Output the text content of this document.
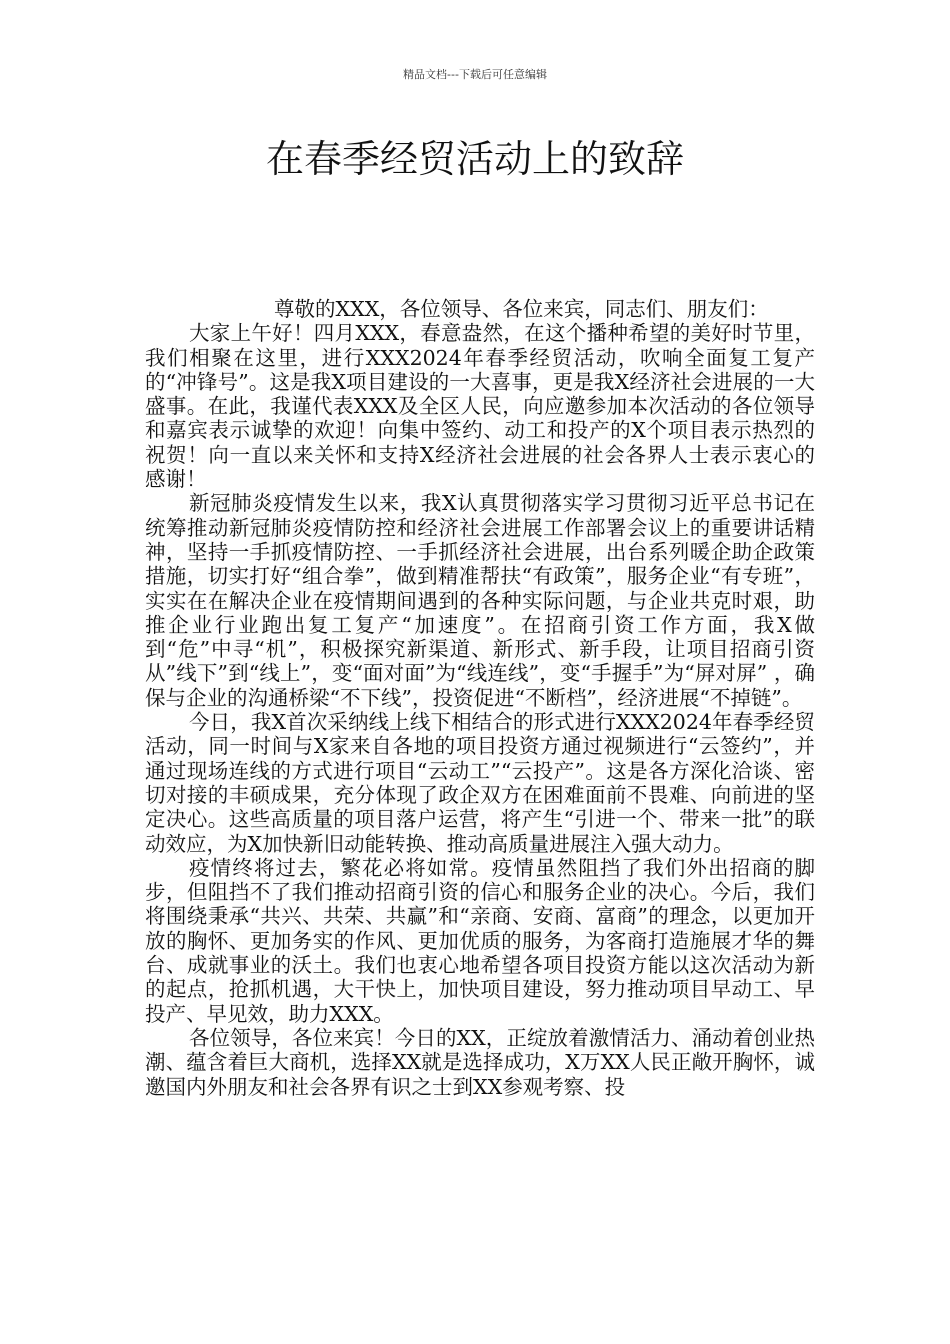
精品文档---下载后可任意编辑
在春季经贸活动上的致辞

尊敬的XXX，各位领导、各位来宾，同志们、朋友们：

大家上午好！四月XXX，春意盎然，在这个播种希望的美好时节里，我们相聚在这里，进行XXX2024年春季经贸活动，吹响全面复工复产的“冲锋号”。这是我X项目建设的一大喜事，更是我X经济社会进展的一大盛事。在此，我谨代表XXX及全区人民，向应邀参加本次活动的各位领导和嘉宾表示诚挚的欢迎！向集中签约、动工和投产的X个项目表示热烈的祝贺！向一直以来关怀和支持X经济社会进展的社会各界人士表示衷心的感谢！

新冠肺炎疫情发生以来，我X认真贯彻落实学习贯彻习近平总书记在统筹推动新冠肺炎疫情防控和经济社会进展工作部署会议上的重要讲话精神，坚持一手抓疫情防控、一手抓经济社会进展，出台系列暖企助企政策措施，切实打好“组合拳”，做到精准帮扶“有政策”，服务企业“有专班”，实实在在解决企业在疫情期间遇到的各种实际问题，与企业共克时艰，助推企业行业跑出复工复产“加速度”。在招商引资工作方面，我X做到“危”中寻“机”，积极探究新渠道、新形式、新手段，让项目招商引资从”线下”到“线上”，变“面对面”为“线连线”，变“手握手”为“屏对屏” ，确保与企业的沟通桥梁“不下线”，投资促进“不断档”，经济进展“不掉链”。

今日，我X首次采纳线上线下相结合的形式进行XXX2024年春季经贸活动，同一时间与X家来自各地的项目投资方通过视频进行“云签约”，并通过现场连线的方式进行项目“云动工”“云投产”。这是各方深化洽谈、密切对接的丰硕成果，充分体现了政企双方在困难面前不畏难、向前进的坚定决心。这些高质量的项目落户运营，将产生“引进一个、带来一批”的联动效应，为X加快新旧动能转换、推动高质量进展注入强大动力。

疫情终将过去，繁花必将如常。疫情虽然阻挡了我们外出招商的脚步，但阻挡不了我们推动招商引资的信心和服务企业的决心。今后，我们将围绕秉承“共兴、共荣、共赢”和“亲商、安商、富商”的理念，以更加开放的胸怀、更加务实的作风、更加优质的服务，为客商打造施展才华的舞台、成就事业的沃土。我们也衷心地希望各项目投资方能以这次活动为新的起点，抢抓机遇，大干快上，加快项目建设，努力推动项目早动工、早投产、早见效，助力XXX。

各位领导，各位来宾！今日的XX，正绽放着激情活力、涌动着创业热潮、蕴含着巨大商机，选择XX就是选择成功，X万XX人民正敞开胸怀，诚邀国内外朋友和社会各界有识之士到XX参观考察、投
